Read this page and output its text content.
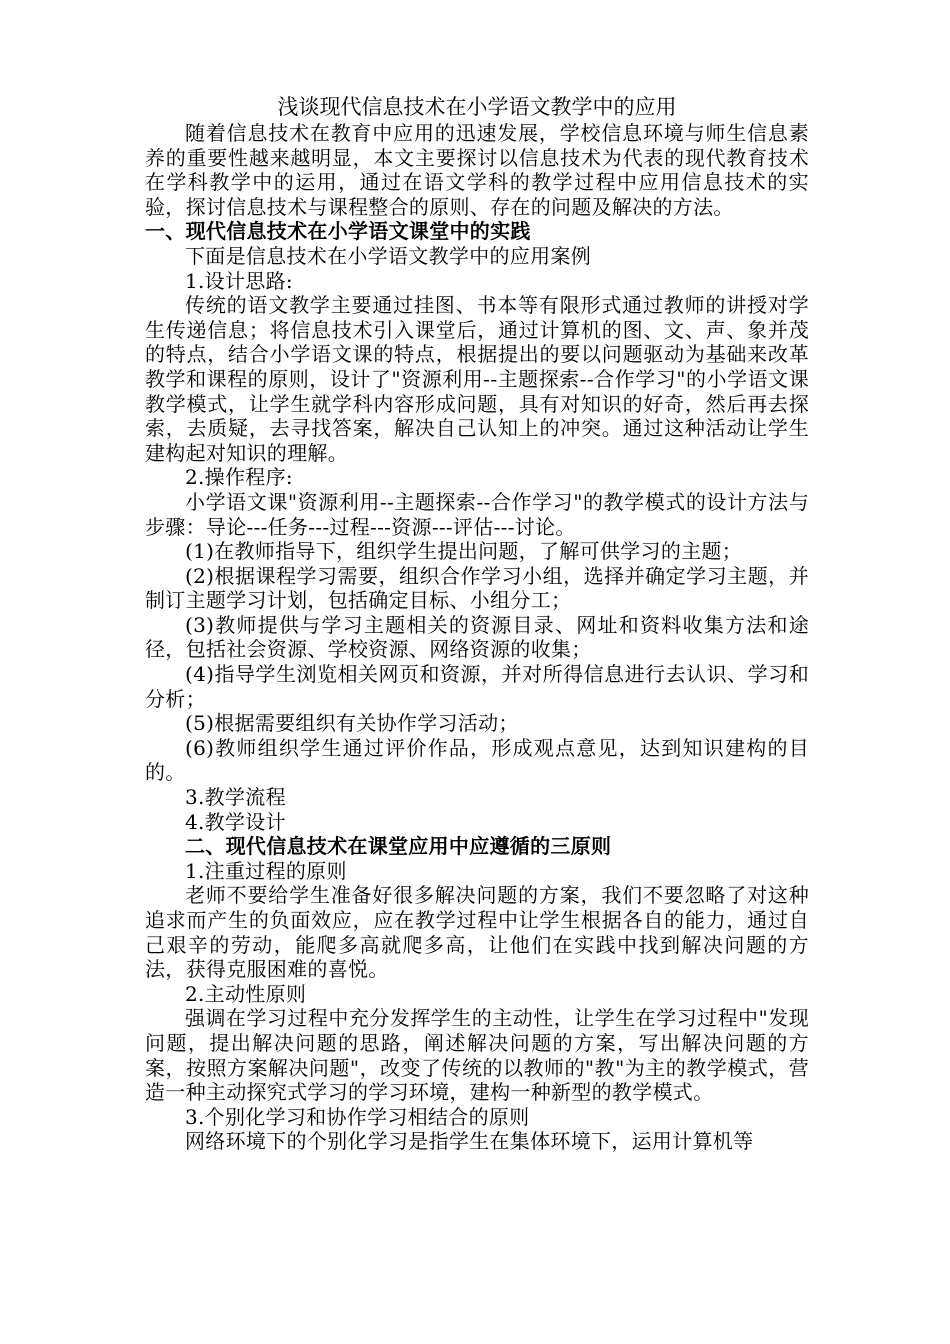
浅谈现代信息技术在小学语文教学中的应用

随着信息技术在教育中应用的迅速发展，学校信息环境与师生信息素养的重要性越来越明显，本文主要探讨以信息技术为代表的现代教育技术在学科教学中的运用，通过在语文学科的教学过程中应用信息技术的实验，探讨信息技术与课程整合的原则、存在的问题及解决的方法。

一、现代信息技术在小学语文课堂中的实践

下面是信息技术在小学语文教学中的应用案例

1.设计思路:

传统的语文教学主要通过挂图、书本等有限形式通过教师的讲授对学生传递信息；将信息技术引入课堂后，通过计算机的图、文、声、象并茂的特点，结合小学语文课的特点，根据提出的要以问题驱动为基础来改革教学和课程的原则，设计了"资源利用--主题探索--合作学习"的小学语文课教学模式，让学生就学科内容形成问题，具有对知识的好奇，然后再去探索，去质疑，去寻找答案，解决自己认知上的冲突。通过这种活动让学生建构起对知识的理解。

2.操作程序:

小学语文课"资源利用--主题探索--合作学习"的教学模式的设计方法与步骤：导论---任务---过程---资源---评估---讨论。

(1)在教师指导下，组织学生提出问题，了解可供学习的主题；

(2)根据课程学习需要，组织合作学习小组，选择并确定学习主题，并制订主题学习计划，包括确定目标、小组分工；

(3)教师提供与学习主题相关的资源目录、网址和资料收集方法和途径，包括社会资源、学校资源、网络资源的收集；

(4)指导学生浏览相关网页和资源，并对所得信息进行去认识、学习和分析；

(5)根据需要组织有关协作学习活动；

(6)教师组织学生通过评价作品，形成观点意见，达到知识建构的目的。

3.教学流程

4.教学设计

二、现代信息技术在课堂应用中应遵循的三原则

1.注重过程的原则

老师不要给学生准备好很多解决问题的方案，我们不要忽略了对这种追求而产生的负面效应，应在教学过程中让学生根据各自的能力，通过自己艰辛的劳动，能爬多高就爬多高，让他们在实践中找到解决问题的方法，获得克服困难的喜悦。

2.主动性原则

强调在学习过程中充分发挥学生的主动性，让学生在学习过程中"发现问题，提出解决问题的思路，阐述解决问题的方案，写出解决问题的方案，按照方案解决问题"，改变了传统的以教师的"教"为主的教学模式，营造一种主动探究式学习的学习环境，建构一种新型的教学模式。

3.个别化学习和协作学习相结合的原则

网络环境下的个别化学习是指学生在集体环境下，运用计算机等
